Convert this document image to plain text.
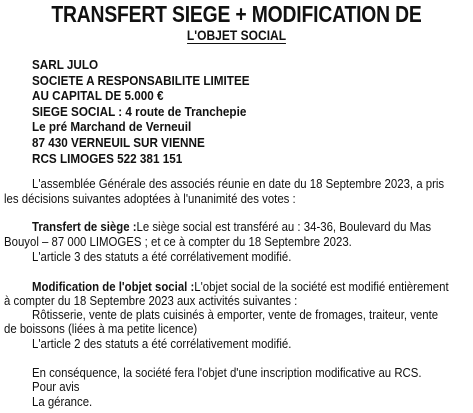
TRANSFERT SIEGE + MODIFICATION DE
L'OBJET SOCIAL
SARL JULO
SOCIETE A RESPONSABILITE LIMITEE
AU CAPITAL DE 5.000 €
SIEGE SOCIAL : 4 route de Tranchepie
Le pré Marchand de Verneuil
87 430 VERNEUIL SUR VIENNE
RCS LIMOGES 522 381 151
L'assemblée Générale des associés réunie en date du 18 Septembre 2023, a pris
les décisions suivantes adoptées à l'unanimité des votes :
Transfert de siège :Le siège social est transféré au : 34-36, Boulevard du Mas
Bouyol – 87 000 LIMOGES ; et ce à compter du 18 Septembre 2023.
L'article 3 des statuts a été corrélativement modifié.
Modification de l'objet social :L'objet social de la société est modifié entièrement
à compter du 18 Septembre 2023 aux activités suivantes :
Rôtisserie, vente de plats cuisinés à emporter, vente de fromages, traiteur, vente
de boissons (liées à ma petite licence)
L'article 2 des statuts a été corrélativement modifié.
En conséquence, la société fera l'objet d'une inscription modificative au RCS.
Pour avis
La gérance.
